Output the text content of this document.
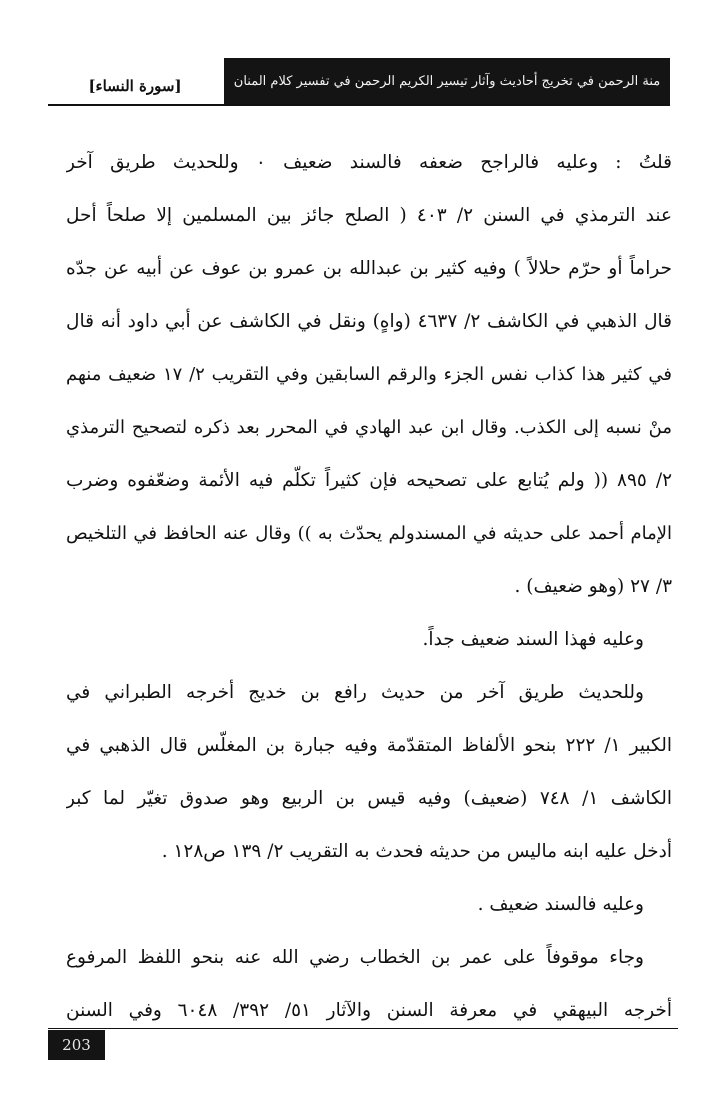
منة الرحمن في تخريج أحاديث وآثار تيسير الكريم الرحمن في تفسير كلام المنان
[سورة النساء]
قلتُ : وعليه فالراجح ضعفه فالسند ضعيف ٠ وللحديث طريق آخر
عند الترمذي في السنن ٢/ ٤٠٣ ( الصلح جائز بين المسلمين إلا صلحاً أحل
حراماً أو حرّم حلالاً ) وفيه كثير بن عبدالله بن عمرو بن عوف عن أبيه عن جدّه
قال الذهبي في الكاشف ٢/ ٤٦٣٧ (واهٍ) ونقل في الكاشف عن أبي داود أنه قال
في كثير هذا كذاب نفس الجزء والرقم السابقين وفي التقريب ٢/ ١٧ ضعيف منهم
منْ نسبه إلى الكذب. وقال ابن عبد الهادي في المحرر بعد ذكره لتصحيح الترمذي
٢/ ٨٩٥ (( ولم يُتابع على تصحيحه فإن كثيراً تكلّم فيه الأئمة وضعّفوه وضرب
الإمام أحمد على حديثه في المسندولم يحدّث به )) وقال عنه الحافظ في التلخيص
٣/ ٢٧ (وهو ضعيف) .
وعليه فهذا السند ضعيف جداً.
وللحديث طريق آخر من حديث رافع بن خديج أخرجه الطبراني في
الكبير ١/ ٢٢٢ بنحو الألفاظ المتقدّمة وفيه جبارة بن المغلّس قال الذهبي في
الكاشف ١/ ٧٤٨ (ضعيف) وفيه قيس بن الربيع وهو صدوق تغيّر لما كبر
أدخل عليه ابنه ماليس من حديثه فحدث به التقريب ٢/ ١٣٩ ص١٢٨ .
وعليه فالسند ضعيف .
وجاء موقوفاً على عمر بن الخطاب رضي الله عنه بنحو اللفظ المرفوع
أخرجه البيهقي في معرفة السنن والآثار ٥١/ ٣٩٢/ ٦٠٤٨ وفي السنن
203
